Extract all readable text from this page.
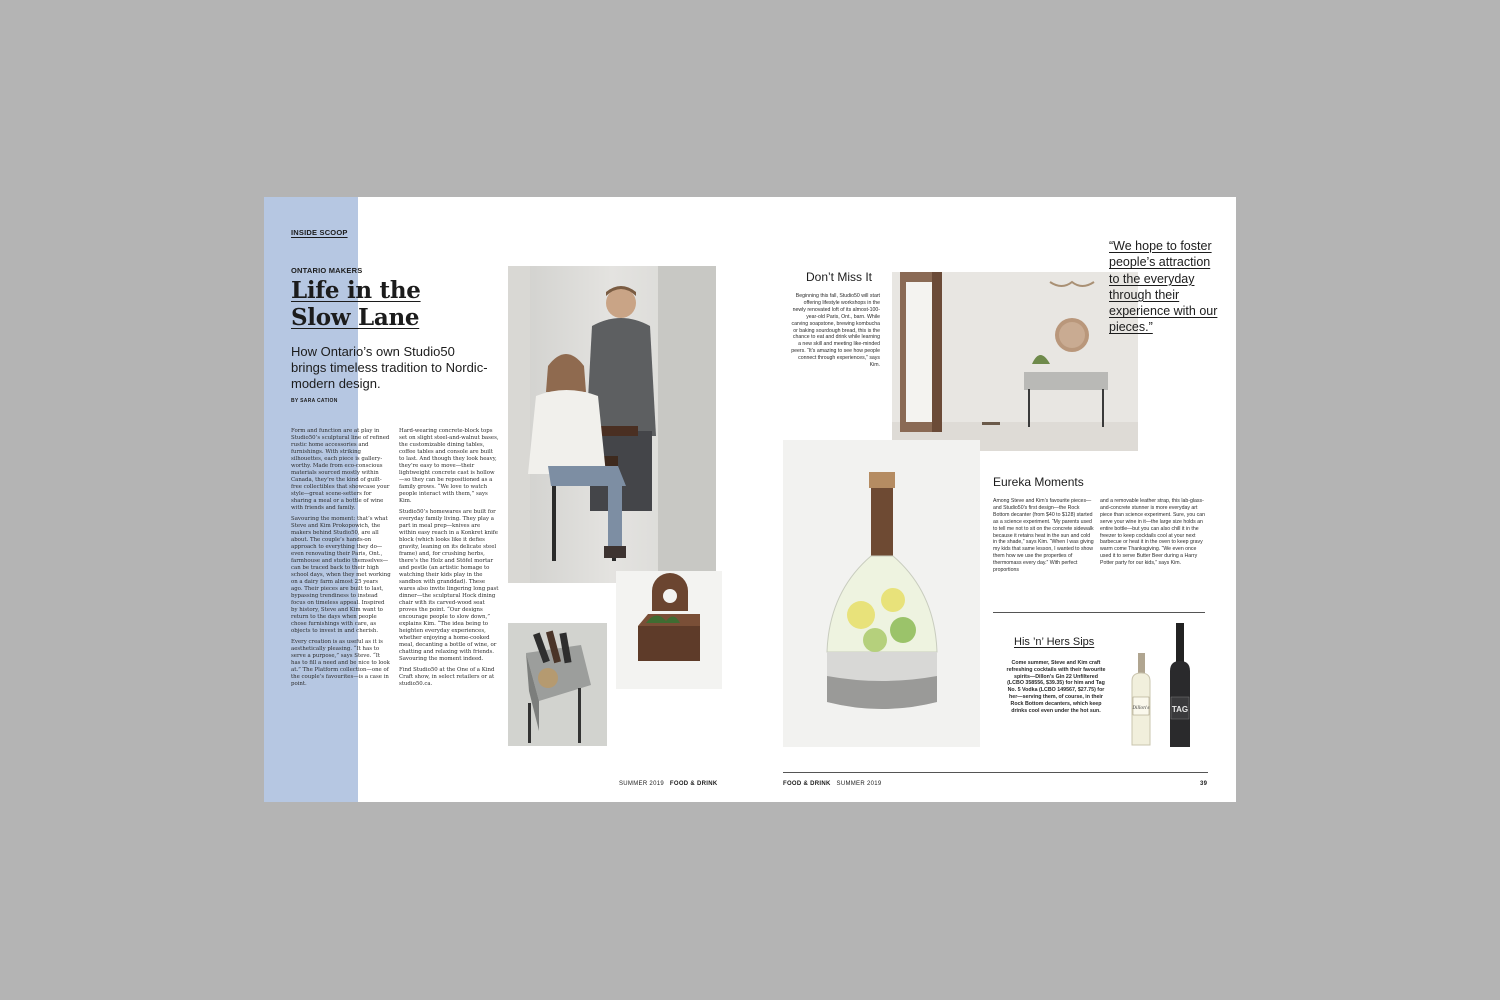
INSIDE SCOOP
ONTARIO MAKERS
Life in the
Slow Lane
How Ontario’s own Studio50 brings timeless tradition to Nordic-modern design.
BY SARA CATION

Form and function are at play in Studio50’s sculptural line of refined rustic home accessories and furnishings. With striking silhouettes, each piece is gallery-worthy. Made from eco-conscious materials sourced mostly within Canada, they’re the kind of guilt-free collectibles that showcase your style—great scene-setters for sharing a meal or a bottle of wine with friends and family.

Savouring the moment: that’s what Steve and Kim Prokopowich, the makers behind Studio50, are all about. The couple’s hands-on approach to everything they do—even renovating their Paris, Ont., farmhouse and studio themselves—can be traced back to their high school days, when they met working on a dairy farm almost 25 years ago. Their pieces are built to last, bypassing trendiness to instead focus on timeless appeal. Inspired by history, Steve and Kim want to return to the days when people chose furnishings with care, as objects to invest in and cherish.

Every creation is as useful as it is aesthetically pleasing. “It has to serve a purpose,” says Steve. “It has to fill a need and be nice to look at.” The Platform collection—one of the couple’s favourites—is a case in point.

Hard-wearing concrete-block tops set on slight steel-and-walnut bases, the customizable dining tables, coffee tables and console are built to last. And though they look heavy, they’re easy to move—their lightweight concrete cast is hollow—so they can be repositioned as a family grows. “We love to watch people interact with them,” says Kim.

Studio50’s homewares are built for everyday family living. They play a part in meal prep—knives are within easy reach in a Konkret knife block (which looks like it defies gravity, leaning on its delicate steel frame) and, for crushing herbs, there’s the Holz and Stöfel mortar and pestle (an artistic homage to watching their kids play in the sandbox with granddad). These wares also invite lingering long past dinner—the sculptural Hock dining chair with its carved-wood seat proves the point. “Our designs encourage people to slow down,” explains Kim. “The idea being to heighten everyday experiences, whether enjoying a home-cooked meal, decanting a bottle of wine, or chatting and relaxing with friends. Savouring the moment indeed.

Find Studio50 at the One of a Kind Craft show, in select retailers or at studio50.ca.

SUMMER 2019 FOOD & DRINK
Don’t Miss It
Beginning this fall, Studio50 will start offering lifestyle workshops in the newly renovated loft of its almost-100-year-old Paris, Ont., barn. While carving soapstone, brewing kombucha or baking sourdough bread, this is the chance to eat and drink while learning a new skill and meeting like-minded peers. “It’s amazing to see how people connect through experiences,” says Kim.
“We hope to foster people’s attraction to the everyday through their experience with our pieces.”
Eureka Moments
Among Steve and Kim’s favourite pieces—and Studio50’s first design—the Rock Bottom decanter (from $40 to $128) started as a science experiment. “My parents used to tell me not to sit on the concrete sidewalk because it retains heat in the sun and cold in the shade,” says Kim. “When I was giving my kids that same lesson, I wanted to show them how we use the properties of thermomass every day.” With perfect proportions
and a removable leather strap, this lab-glass-and-concrete stunner is more everyday art piece than science experiment. Sure, you can serve your wine in it—the large size holds an entire bottle—but you can also chill it in the freezer to keep cocktails cool at your next barbecue or heat it in the oven to keep gravy warm come Thanksgiving. “We even once used it to serve Butter Beer during a Harry Potter party for our kids,” says Kim.
His ’n’ Hers Sips
Come summer, Steve and Kim craft refreshing cocktails with their favourite spirits—Dillon’s Gin 22 Unfiltered (LCBO 358556, $39.35) for him and Tag No. 5 Vodka (LCBO 149567, $27.75) for her—serving them, of course, in their Rock Bottom decanters, which keep drinks cool even under the hot sun.	Dillon's	TAG
FOOD & DRINK SUMMER 2019	39
